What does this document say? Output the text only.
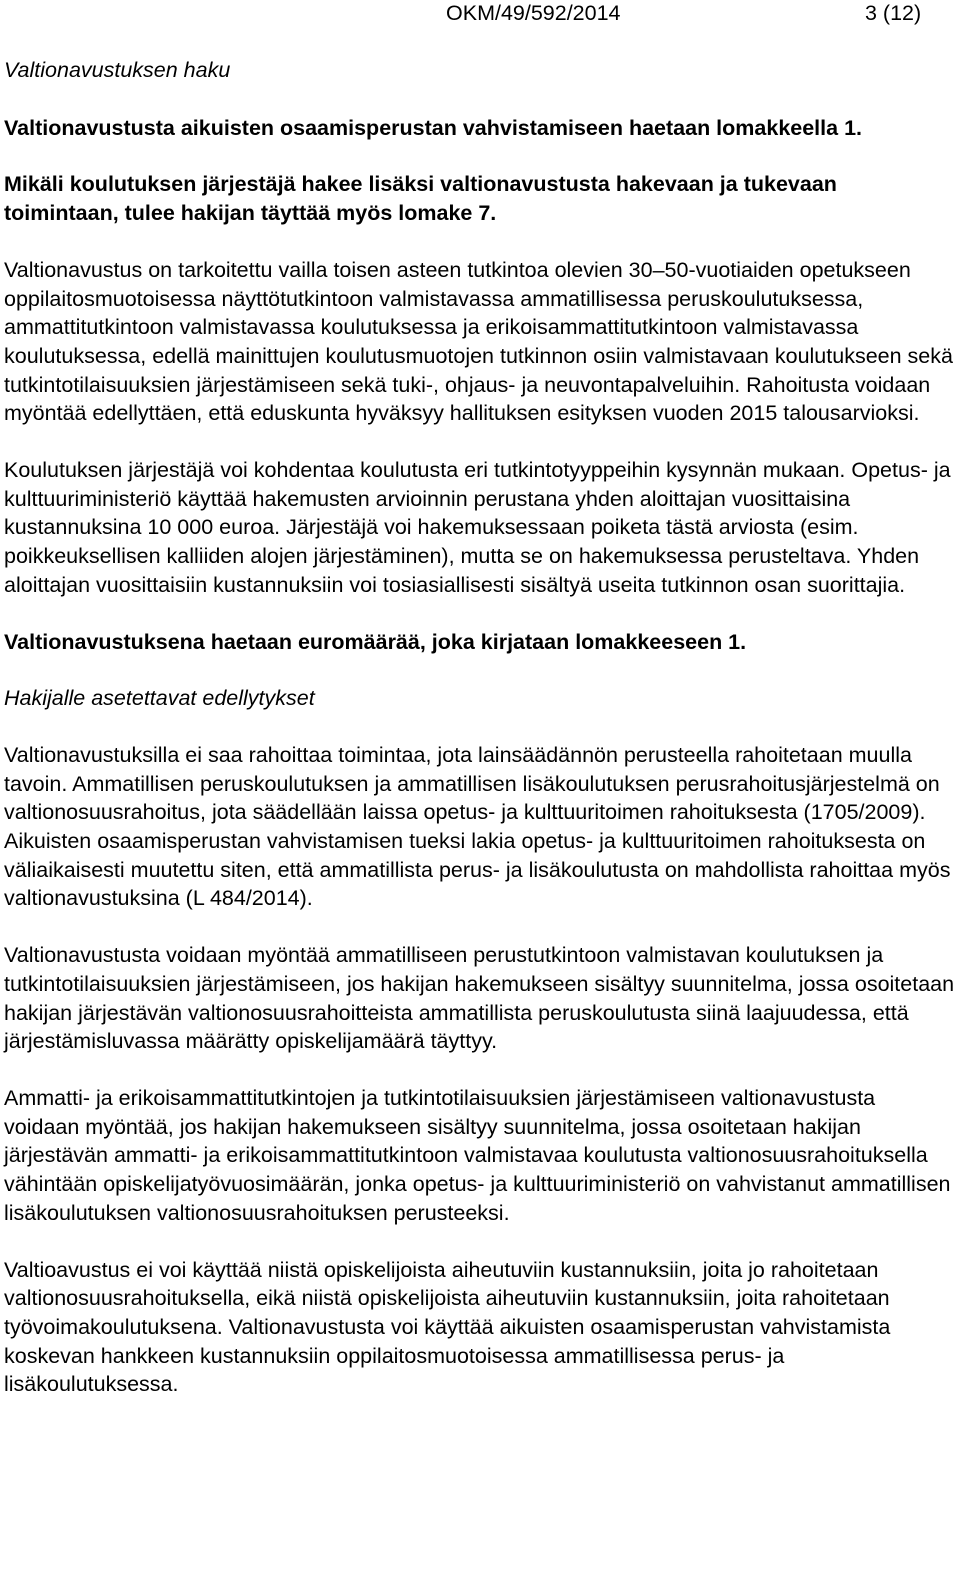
OKM/49/592/2014	3 (12)

Valtionavustuksen haku

Valtionavustusta aikuisten osaamisperustan vahvistamiseen haetaan lomakkeella 1.

Mikäli koulutuksen järjestäjä hakee lisäksi valtionavustusta hakevaan ja tukevaan toimintaan, tulee hakijan täyttää myös lomake 7.

Valtionavustus on tarkoitettu vailla toisen asteen tutkintoa olevien 30–50-vuotiaiden opetukseen oppilaitosmuotoisessa näyttötutkintoon valmistavassa ammatillisessa peruskoulutuksessa, ammattitutkintoon valmistavassa koulutuksessa ja erikoisammattitutkintoon valmistavassa koulutuksessa, edellä mainittujen koulutusmuotojen tutkinnon osiin valmistavaan koulutukseen sekä tutkintotilaisuuksien järjestämiseen sekä tuki-, ohjaus- ja neuvontapalveluihin. Rahoitusta voidaan myöntää edellyttäen, että eduskunta hyväksyy hallituksen esityksen vuoden 2015 talousarvioksi.

Koulutuksen järjestäjä voi kohdentaa koulutusta eri tutkintotyyppeihin kysynnän mukaan. Opetus- ja kulttuuriministeriö käyttää hakemusten arvioinnin perustana yhden aloittajan vuosittaisina kustannuksina 10 000 euroa. Järjestäjä voi hakemuksessaan poiketa tästä arviosta (esim. poikkeuksellisen kalliiden alojen järjestäminen), mutta se on hakemuksessa perusteltava. Yhden aloittajan vuosittaisiin kustannuksiin voi tosiasiallisesti sisältyä useita tutkinnon osan suorittajia.

Valtionavustuksena haetaan euromäärää, joka kirjataan lomakkeeseen 1.

Hakijalle asetettavat edellytykset

Valtionavustuksilla ei saa rahoittaa toimintaa, jota lainsäädännön perusteella rahoitetaan muulla tavoin. Ammatillisen peruskoulutuksen ja ammatillisen lisäkoulutuksen perusrahoitusjärjestelmä on valtionosuusrahoitus, jota säädellään laissa opetus- ja kulttuuritoimen rahoituksesta (1705/2009). Aikuisten osaamisperustan vahvistamisen tueksi lakia opetus- ja kulttuuritoimen rahoituksesta on väliaikaisesti muutettu siten, että ammatillista perus- ja lisäkoulutusta on mahdollista rahoittaa myös valtionavustuksina (L 484/2014).

Valtionavustusta voidaan myöntää ammatilliseen perustutkintoon valmistavan koulutuksen ja tutkintotilaisuuksien järjestämiseen, jos hakijan hakemukseen sisältyy suunnitelma, jossa osoitetaan hakijan järjestävän valtionosuusrahoitteista ammatillista peruskoulutusta siinä laajuudessa, että järjestämisluvassa määrätty opiskelijamäärä täyttyy.

Ammatti- ja erikoisammattitutkintojen ja tutkintotilaisuuksien järjestämiseen valtionavustusta voidaan myöntää, jos hakijan hakemukseen sisältyy suunnitelma, jossa osoitetaan hakijan järjestävän ammatti- ja erikoisammattitutkintoon valmistavaa koulutusta valtionosuusrahoituksella vähintään opiskelijatyövuosimäärän, jonka opetus- ja kulttuuriministeriö on vahvistanut ammatillisen lisäkoulutuksen valtionosuusrahoituksen perusteeksi.

Valtioavustus ei voi käyttää niistä opiskelijoista aiheutuviin kustannuksiin, joita jo rahoitetaan valtionosuusrahoituksella, eikä niistä opiskelijoista aiheutuviin kustannuksiin, joita rahoitetaan työvoimakoulutuksena. Valtionavustusta voi käyttää aikuisten osaamisperustan vahvistamista koskevan hankkeen kustannuksiin oppilaitosmuotoisessa ammatillisessa perus- ja lisäkoulutuksessa.
